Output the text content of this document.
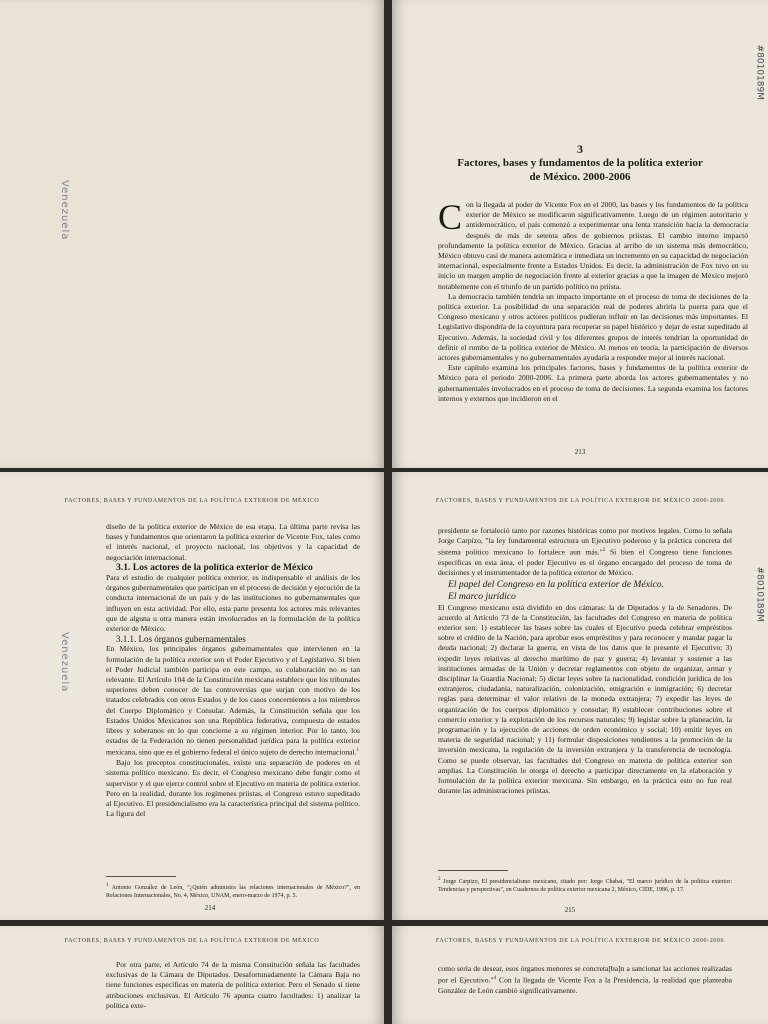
Venezuela
#8010189M
3
Factores, bases y fundamentos de la política exterior
de México. 2000-2006

Con la llegada al poder de Vicente Fox en el 2000, las bases y los fundamentos de la política exterior de México se modificaron significativamente. Luego de un régimen autoritario y antidemocrático, el país comenzó a experimentar una lenta transición hacia la democracia después de más de setenta años de gobiernos priistas. El cambio interno impactó profundamente la política exterior de México. Gracias al arribo de un sistema más democrático, México obtuvo casi de manera automática e inmediata un incremento en su capacidad de negociación internacional, especialmente frente a Estados Unidos. Es decir, la administración de Fox tuvo en su inicio un margen amplio de negociación frente al exterior gracias a que la imagen de México mejoró notablemente con el triunfo de un partido político no priista.

La democracia también tendría un impacto importante en el proceso de toma de decisiones de la política exterior. La posibilidad de una separación real de poderes abriría la puerta para que el Congreso mexicano y otros actores políticos pudieran influir en las decisiones más importantes. El Legislativo dispondría de la coyuntura para recuperar su papel histórico y dejar de estar supeditado al Ejecutivo. Además, la sociedad civil y los diferentes grupos de interés tendrían la oportunidad de definir el rumbo de la política exterior de México. Al menos en teoría, la participación de diversos actores gubernamentales y no gubernamentales ayudaría a responder mejor al interés nacional.

Este capítulo examina los principales factores, bases y fundamentos de la política exterior de México para el periodo 2000-2006. La primera parte aborda los actores gubernamentales y no gubernamentales involucrados en el proceso de toma de decisiones. La segunda examina los factores internos y externos que incidieron en el

213
Venezuela
FACTORES, BASES Y FUNDAMENTOS DE LA POLÍTICA EXTERIOR DE MÉXICO

diseño de la política exterior de México de esa etapa. La última parte revisa las bases y fundamentos que orientaron la política exterior de Vicente Fox, tales como el interés nacional, el proyecto nacional, los objetivos y la capacidad de negociación internacional.

3.1. Los actores de la política exterior de México

Para el estudio de cualquier política exterior, es indispensable el análisis de los órganos gubernamentales que participan en el proceso de decisión y ejecución de la conducta internacional de un país y de las instituciones no gubernamentales que influyen en esta actividad. Por ello, esta parte presenta los actores más relevantes que de alguna u otra manera están involucrados en la formulación de la política exterior de México.

3.1.1. Los órganos gubernamentales

En México, los principales órganos gubernamentales que intervienen en la formulación de la política exterior son el Poder Ejecutivo y el Legislativo. Si bien el Poder Judicial también participa en este campo, su colaboración no es tan relevante. El Artículo 104 de la Constitución mexicana establece que los tribunales superiores deben conocer de las controversias que surjan con motivo de los tratados celebrados con otros Estados y de los casos concernientes a los miembros del Cuerpo Diplomático y Consular. Además, la Constitución señala que los Estados Unidos Mexicanos son una República federativa, compuesta de estados libres y soberanos en lo que concierne a su régimen interior. Por lo tanto, los estados de la Federación no tienen personalidad jurídica para la política exterior mexicana, sino que es el gobierno federal el único sujeto de derecho internacional.$^1$

Bajo los preceptos constitucionales, existe una separación de poderes en el sistema político mexicano. Es decir, el Congreso mexicano debe fungir como el supervisor y el que ejerce control sobre el Ejecutivo en materia de política exterior. Pero en la realidad, durante los regímenes priistas, el Congreso estuvo supeditado al Ejecutivo. El presidencialismo era la característica principal del sistema político. La figura del

$^1$ Antonio González de León, "¿Quién administra las relaciones internacionales de México?", en Relaciones Internacionales, No. 4, México, UNAM, enero-marzo de 1974, p. 5.
214
#8010189M
FACTORES, BASES Y FUNDAMENTOS DE LA POLÍTICA EXTERIOR DE MÉXICO 2000-2006

presidente se fortaleció tanto por razones históricas como por motivos legales. Como lo señala Jorge Carpizo, "la ley fundamental estructura un Ejecutivo poderoso y la práctica concreta del sistema político mexicano lo fortalece aun más."$^2$ Si bien el Congreso tiene funciones específicas en esta área, el poder Ejecutivo es el órgano encargado del proceso de toma de decisiones y el instrumentador de la política exterior de México.

El papel del Congreso en la política exterior de México.

El marco jurídico

El Congreso mexicano está dividido en dos cámaras: la de Diputados y la de Senadores. De acuerdo al Artículo 73 de la Constitución, las facultades del Congreso en materia de política exterior son: 1) establecer las bases sobre las cuales el Ejecutivo pueda celebrar empréstitos sobre el crédito de la Nación, para aprobar esos empréstitos y para reconocer y mandar pagar la deuda nacional; 2) declarar la guerra, en vista de los datos que le presente el Ejecutivo; 3) expedir leyes relativas al derecho marítimo de paz y guerra; 4) levantar y sostener a las instituciones armadas de la Unión y decretar reglamentos con objeto de organizar, armar y disciplinar la Guardia Nacional; 5) dictar leyes sobre la nacionalidad, condición jurídica de los extranjeros, ciudadanía, naturalización, colonización, emigración e inmigración; 6) decretar reglas para determinar el valor relativo de la moneda extranjera; 7) expedir las leyes de organización de los cuerpos diplomático y consular; 8) establecer contribuciones sobre el comercio exterior y la explotación de los recursos naturales; 9) legislar sobre la planeación, la programación y la ejecución de acciones de orden económico y social; 10) emitir leyes en materia de seguridad nacional; y 11) formular disposiciones tendientes a la promoción de la inversión mexicana, la regulación de la inversión extranjera y la transferencia de tecnología. Como se puede observar, las facultades del Congreso en materia de política exterior son amplias. La Constitución le otorga el derecho a participar directamente en la elaboración y formulación de la política exterior mexicana. Sin embargo, en la práctica esto no fue real durante las administraciones priistas.

$^2$ Jorge Carpizo, El presidencialismo mexicano, citado por: Jorge Chabat, "El marco jurídico de la política exterior: Tendencias y perspectivas", en Cuadernos de política exterior mexicana 2, México, CIDE, 1986, p. 17.
215
FACTORES, BASES Y FUNDAMENTOS DE LA POLÍTICA EXTERIOR DE MÉXICO

Por otra parte, el Artículo 74 de la misma Constitución señala las facultades exclusivas de la Cámara de Diputados. Desafortunadamente la Cámara Baja no tiene funciones específicas en materia de política exterior. Pero el Senado sí tiene atribuciones exclusivas. El Artículo 76 apunta cuatro facultades: 1) analizar la política exte-

FACTORES, BASES Y FUNDAMENTOS DE LA POLÍTICA EXTERIOR DE MÉXICO 2000-2006

como sería de desear, esos órganos menores se concreta[ba]n a sancionar las acciones realizadas por el Ejecutivo."$^4$ Con la llegada de Vicente Fox a la Presidencia, la realidad que planteaba González de León cambió significativamente.
